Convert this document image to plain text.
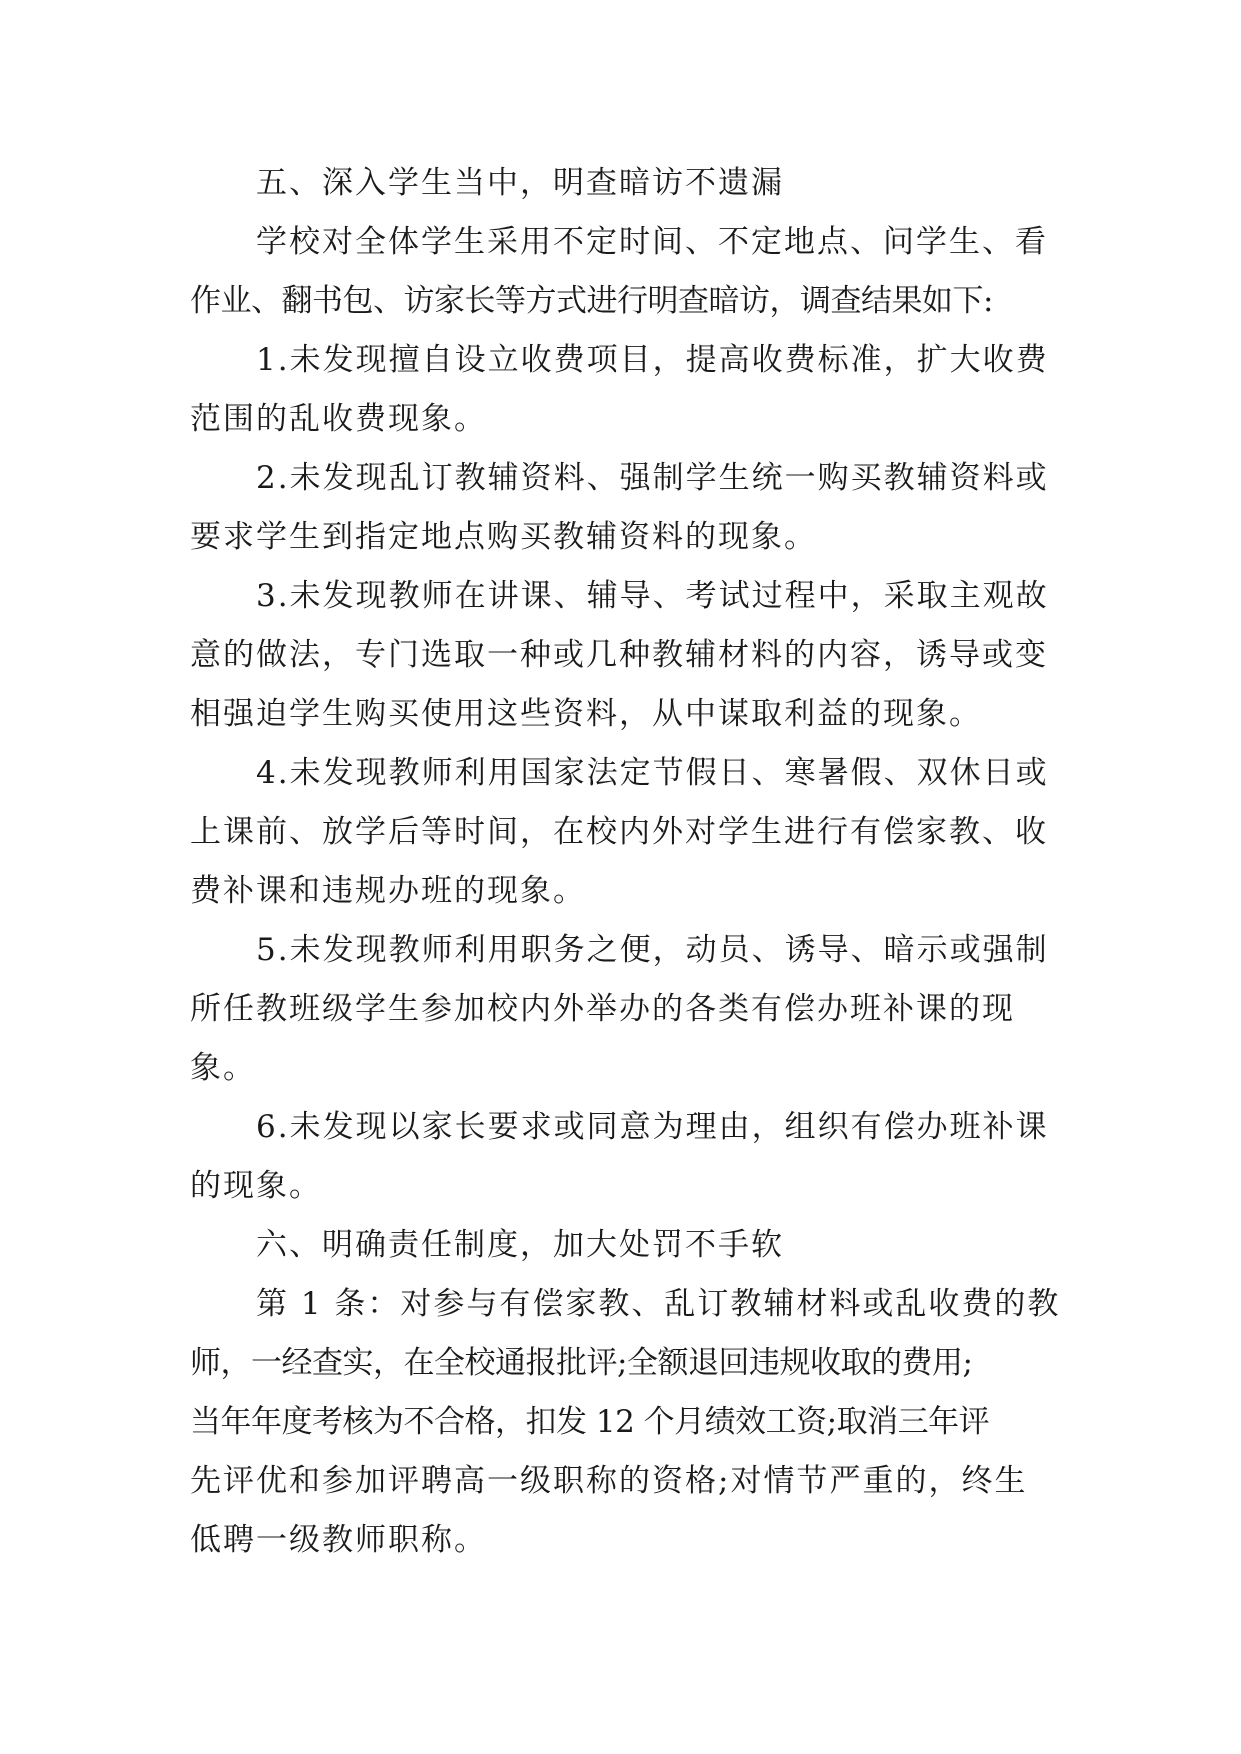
五、深入学生当中，明查暗访不遗漏
学校对全体学生采用不定时间、不定地点、问学生、看
作业、翻书包、访家长等方式进行明查暗访，调查结果如下:
1.未发现擅自设立收费项目，提高收费标准，扩大收费
范围的乱收费现象。
2.未发现乱订教辅资料、强制学生统一购买教辅资料或
要求学生到指定地点购买教辅资料的现象。
3.未发现教师在讲课、辅导、考试过程中，采取主观故
意的做法，专门选取一种或几种教辅材料的内容，诱导或变
相强迫学生购买使用这些资料，从中谋取利益的现象。
4.未发现教师利用国家法定节假日、寒暑假、双休日或
上课前、放学后等时间，在校内外对学生进行有偿家教、收
费补课和违规办班的现象。
5.未发现教师利用职务之便，动员、诱导、暗示或强制
所任教班级学生参加校内外举办的各类有偿办班补课的现
象。
6.未发现以家长要求或同意为理由，组织有偿办班补课
的现象。
六、明确责任制度，加大处罚不手软
第 1 条：对参与有偿家教、乱订教辅材料或乱收费的教
师，一经查实，在全校通报批评;全额退回违规收取的费用;
当年年度考核为不合格，扣发 12 个月绩效工资;取消三年评
先评优和参加评聘高一级职称的资格;对情节严重的，终生
低聘一级教师职称。
